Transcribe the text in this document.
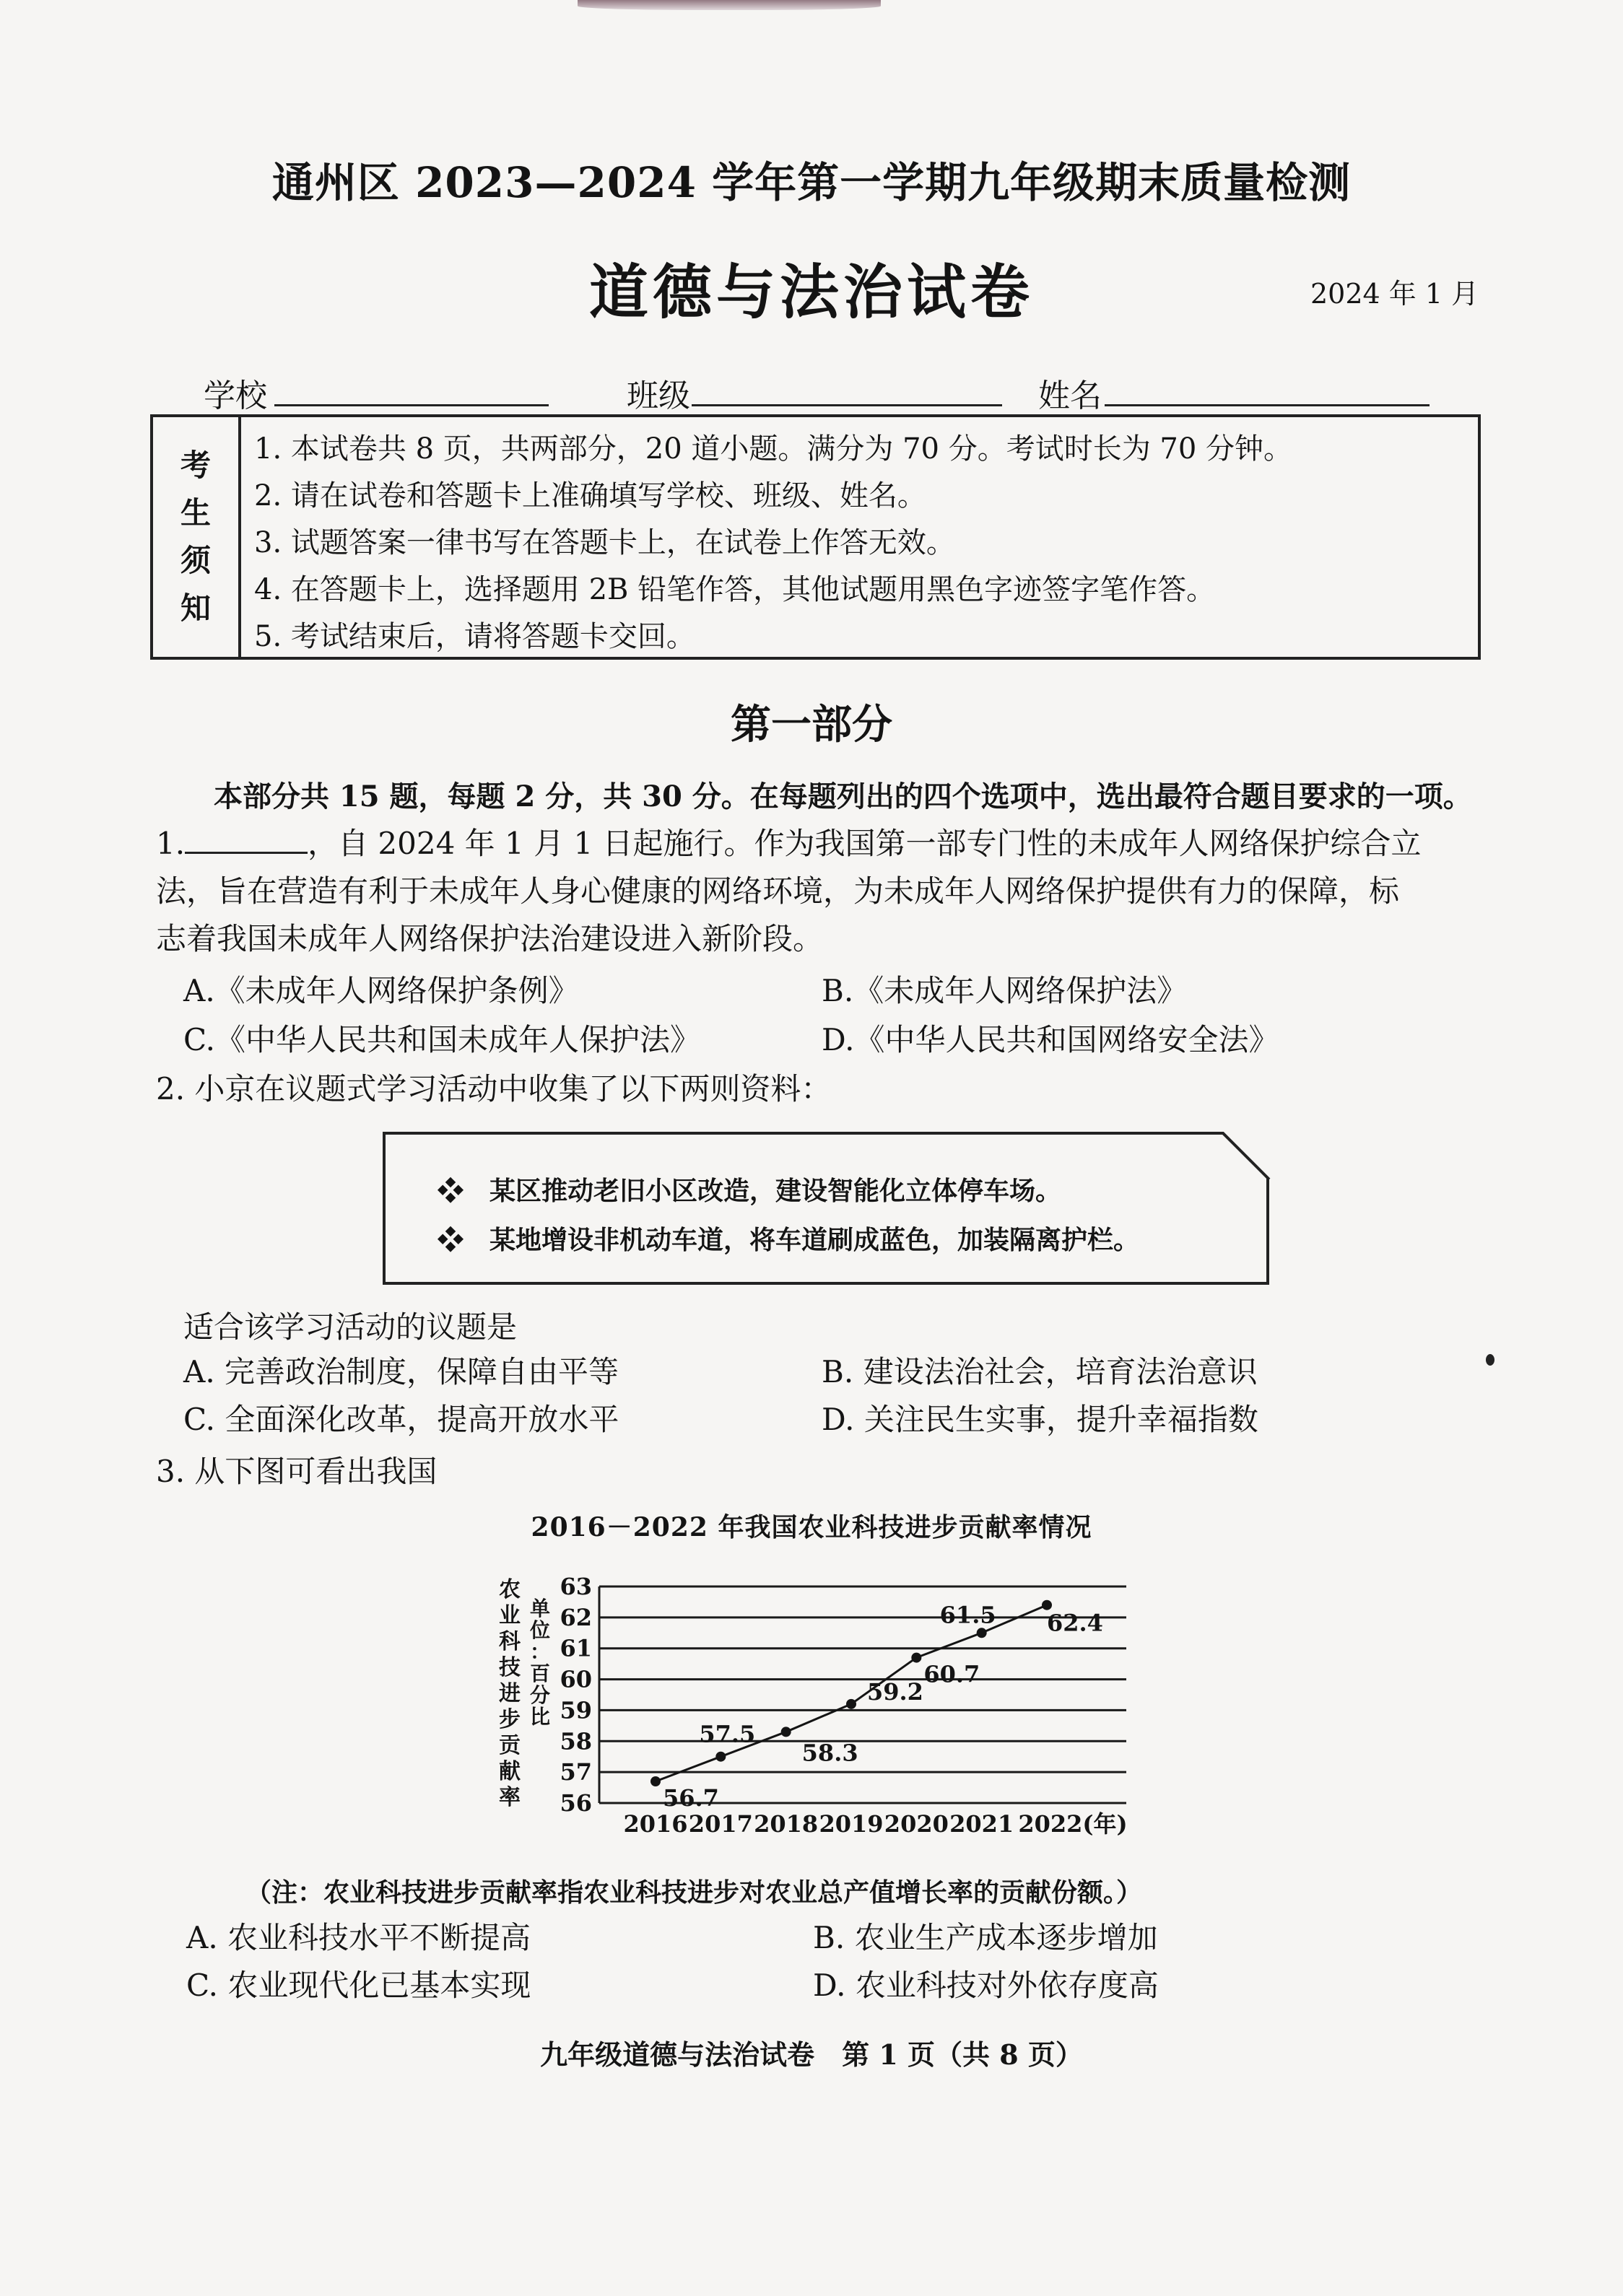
通州区 2023—2024 学年第一学期九年级期末质量检测
道德与法治试卷	2024 年 1 月
学校	班级	姓名
考
生
须
知
1. 本试卷共 8 页，共两部分，20 道小题。满分为 70 分。考试时长为 70 分钟。
2. 请在试卷和答题卡上准确填写学校、班级、姓名。
3. 试题答案一律书写在答题卡上，在试卷上作答无效。
4. 在答题卡上，选择题用 2B 铅笔作答，其他试题用黑色字迹签字笔作答。
5. 考试结束后，请将答题卡交回。
第一部分
本部分共 15 题，每题 2 分，共 30 分。在每题列出的四个选项中，选出最符合题目要求的一项。
1.	，自 2024 年 1 月 1 日起施行。作为我国第一部专门性的未成年人网络保护综合立
法，旨在营造有利于未成年人身心健康的网络环境，为未成年人网络保护提供有力的保障，标
志着我国未成年人网络保护法治建设进入新阶段。
A.《未成年人网络保护条例》	B.《未成年人网络保护法》
C.《中华人民共和国未成年人保护法》	D.《中华人民共和国网络安全法》
2. 小京在议题式学习活动中收集了以下两则资料：
❖　 某区推动老旧小区改造，建设智能化立体停车场。
❖　 某地增设非机动车道，将车道刷成蓝色，加装隔离护栏。
适合该学习活动的议题是
A. 完善政治制度，保障自由平等	B. 建设法治社会，培育法治意识
C. 全面深化改革，提高开放水平	D. 关注民生实事，提升幸福指数
3. 从下图可看出我国
2016－2022 年我国农业科技进步贡献率情况
农
业
科
技
进
步
贡
献
率
单
位
：
百
分
比
56
57
58
59
60
61
62
63
56.7
57.5
58.3
59.2
60.7
61.5 62.4
2016 2017 2018 2019 2020 2021 2022(年)
（注：农业科技进步贡献率指农业科技进步对农业总产值增长率的贡献份额。）
A. 农业科技水平不断提高	B. 农业生产成本逐步增加
C. 农业现代化已基本实现	D. 农业科技对外依存度高
九年级道德与法治试卷　第 1 页（共 8 页）
